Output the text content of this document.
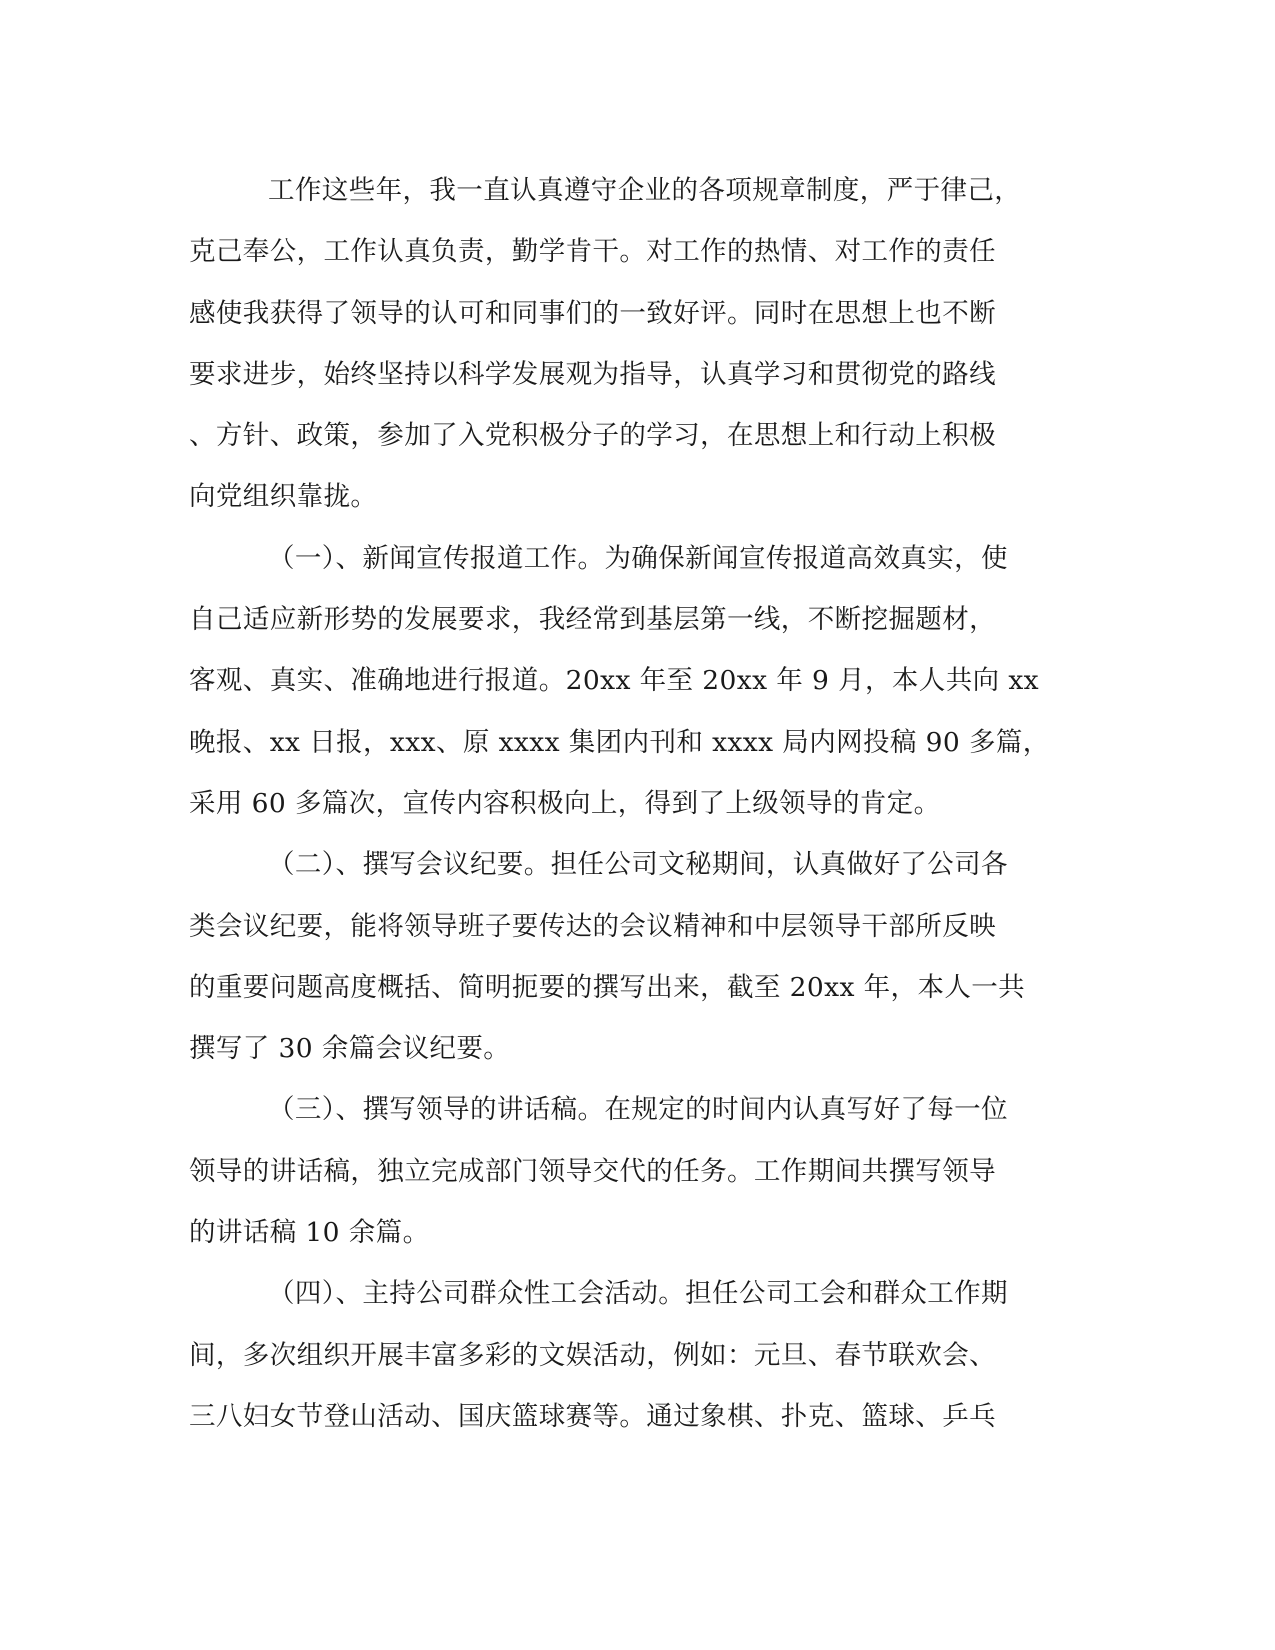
工作这些年，我一直认真遵守企业的各项规章制度，严于律己，
克己奉公，工作认真负责，勤学肯干。对工作的热情、对工作的责任
感使我获得了领导的认可和同事们的一致好评。同时在思想上也不断
要求进步，始终坚持以科学发展观为指导，认真学习和贯彻党的路线
、方针、政策，参加了入党积极分子的学习，在思想上和行动上积极
向党组织靠拢。
（一）、新闻宣传报道工作。为确保新闻宣传报道高效真实，使
自己适应新形势的发展要求，我经常到基层第一线，不断挖掘题材，
客观、真实、准确地进行报道。20xx 年至 20xx 年 9 月，本人共向 xx
晚报、xx 日报，xxx、原 xxxx 集团内刊和 xxxx 局内网投稿 90 多篇，
采用 60 多篇次，宣传内容积极向上，得到了上级领导的肯定。
（二）、撰写会议纪要。担任公司文秘期间，认真做好了公司各
类会议纪要，能将领导班子要传达的会议精神和中层领导干部所反映
的重要问题高度概括、简明扼要的撰写出来，截至 20xx 年，本人一共
撰写了 30 余篇会议纪要。
（三）、撰写领导的讲话稿。在规定的时间内认真写好了每一位
领导的讲话稿，独立完成部门领导交代的任务。工作期间共撰写领导
的讲话稿 10 余篇。
（四）、主持公司群众性工会活动。担任公司工会和群众工作期
间，多次组织开展丰富多彩的文娱活动，例如：元旦、春节联欢会、
三八妇女节登山活动、国庆篮球赛等。通过象棋、扑克、篮球、乒乓
